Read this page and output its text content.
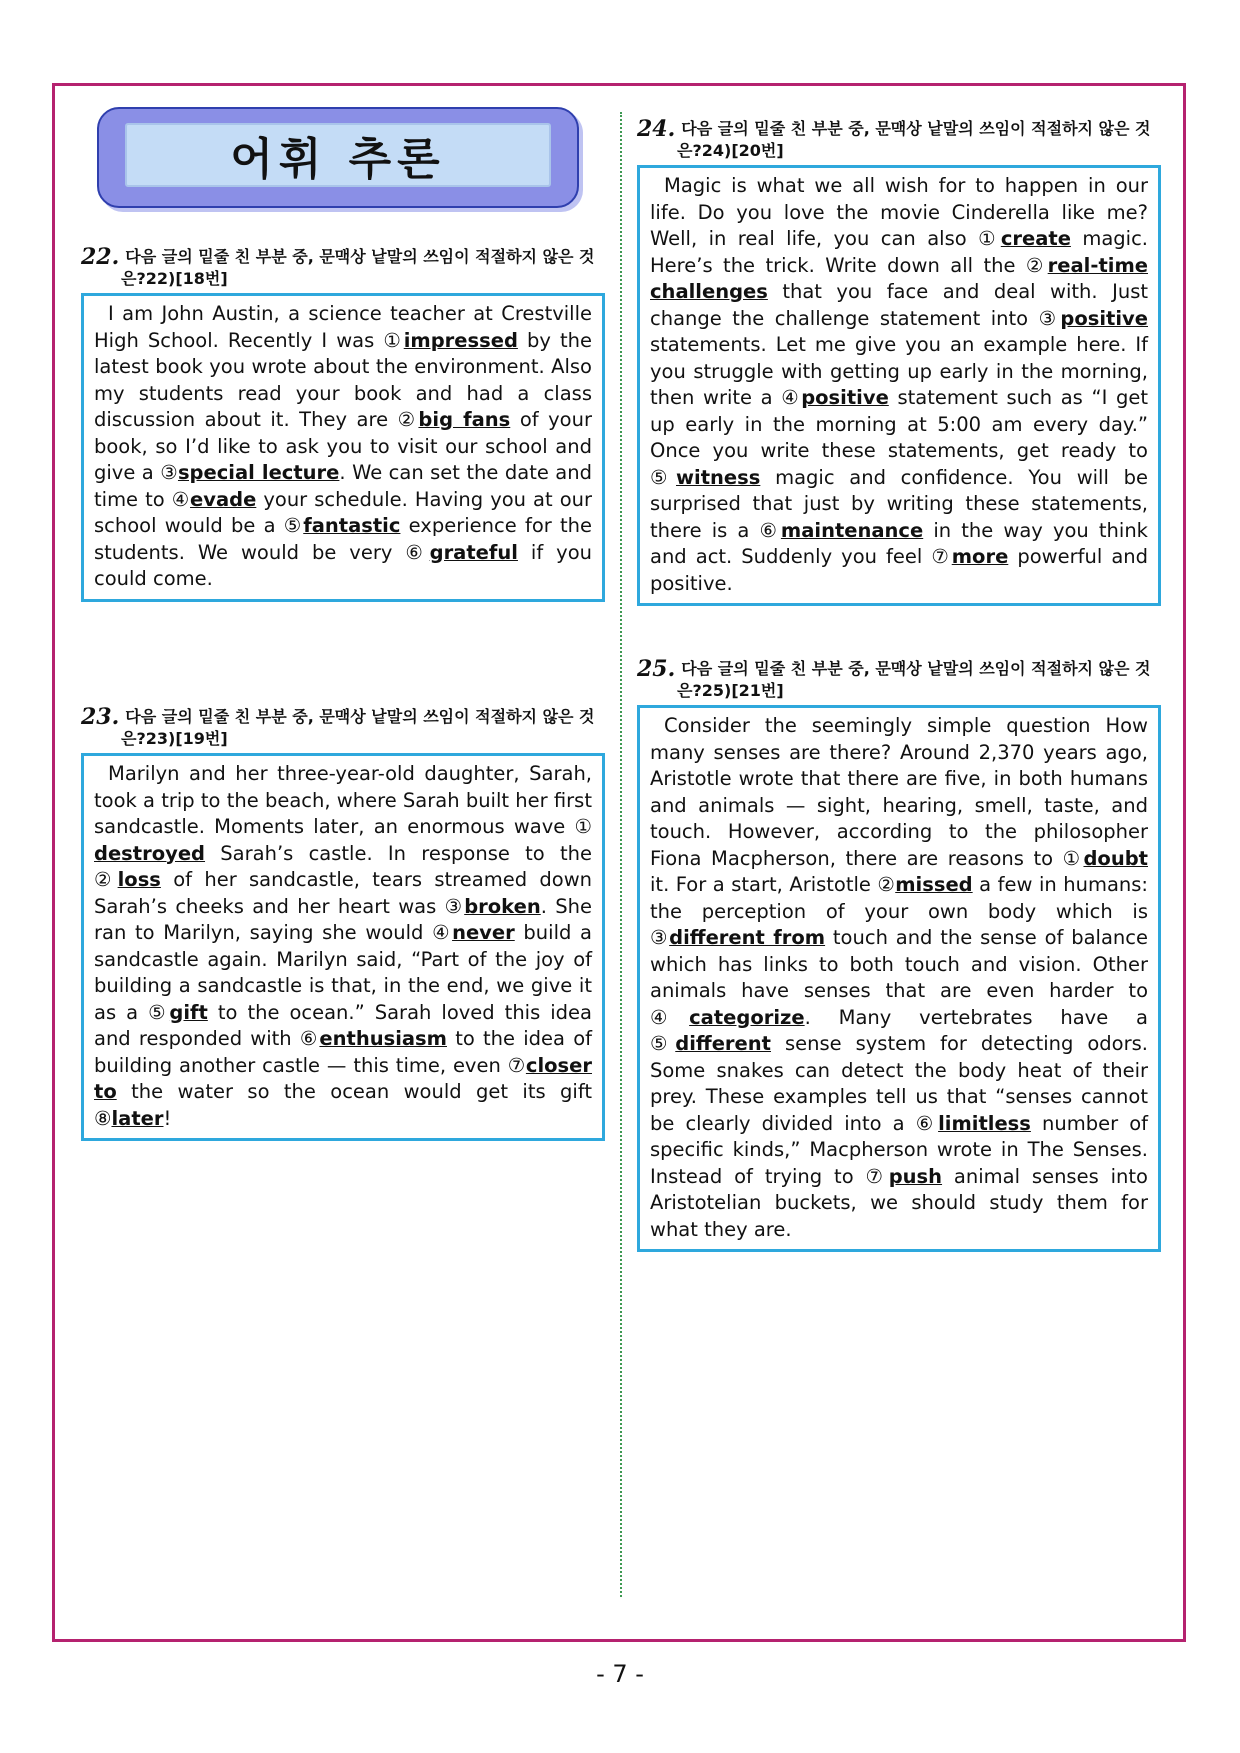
어휘 추론
22. 다음 글의 밑줄 친 부분 중, 문맥상 낱말의 쓰임이 적절하지 않은 것
은?22)[18번]
I am John Austin, a science teacher at Crestville High School. Recently I was ①impressed by the latest book you wrote about the environment. Also my students read your book and had a class discussion about it. They are ②big fans of your book, so I’d like to ask you to visit our school and give a ③special lecture. We can set the date and time to ④evade your schedule. Having you at our school would be a ⑤fantastic experience for the students. We would be very ⑥grateful if you could come.
23. 다음 글의 밑줄 친 부분 중, 문맥상 낱말의 쓰임이 적절하지 않은 것
은?23)[19번]
Marilyn and her three-year-old daughter, Sarah, took a trip to the beach, where Sarah built her first sandcastle. Moments later, an enormous wave ① destroyed Sarah’s castle. In response to the ②loss of her sandcastle, tears streamed down Sarah’s cheeks and her heart was ③broken. She ran to Marilyn, saying she would ④never build a sandcastle again. Marilyn said, “Part of the joy of building a sandcastle is that, in the end, we give it as a ⑤gift to the ocean.” Sarah loved this idea and responded with ⑥enthusiasm to the idea of building another castle — this time, even ⑦closer to the water so the ocean would get its gift ⑧later!
24. 다음 글의 밑줄 친 부분 중, 문맥상 낱말의 쓰임이 적절하지 않은 것
은?24)[20번]
Magic is what we all wish for to happen in our life. Do you love the movie Cinderella like me? Well, in real life, you can also ①create magic. Here’s the trick. Write down all the ②real-time challenges that you face and deal with. Just change the challenge statement into ③positive statements. Let me give you an example here. If you struggle with getting up early in the morning, then write a ④positive statement such as “I get up early in the morning at 5:00 am every day.” Once you write these statements, get ready to ⑤witness magic and confidence. You will be surprised that just by writing these statements, there is a ⑥maintenance in the way you think and act. Suddenly you feel ⑦more powerful and positive.
25. 다음 글의 밑줄 친 부분 중, 문맥상 낱말의 쓰임이 적절하지 않은 것
은?25)[21번]
Consider the seemingly simple question How many senses are there? Around 2,370 years ago, Aristotle wrote that there are five, in both humans and animals — sight, hearing, smell, taste, and touch. However, according to the philosopher Fiona Macpherson, there are reasons to ①doubt it. For a start, Aristotle ②missed a few in humans: the perception of your own body which is ③different from touch and the sense of balance which has links to both touch and vision. Other animals have senses that are even harder to ④categorize. Many vertebrates have a ⑤different sense system for detecting odors. Some snakes can detect the body heat of their prey. These examples tell us that “senses cannot be clearly divided into a ⑥limitless number of specific kinds,” Macpherson wrote in The Senses. Instead of trying to ⑦push animal senses into Aristotelian buckets, we should study them for what they are.
- 7 -
